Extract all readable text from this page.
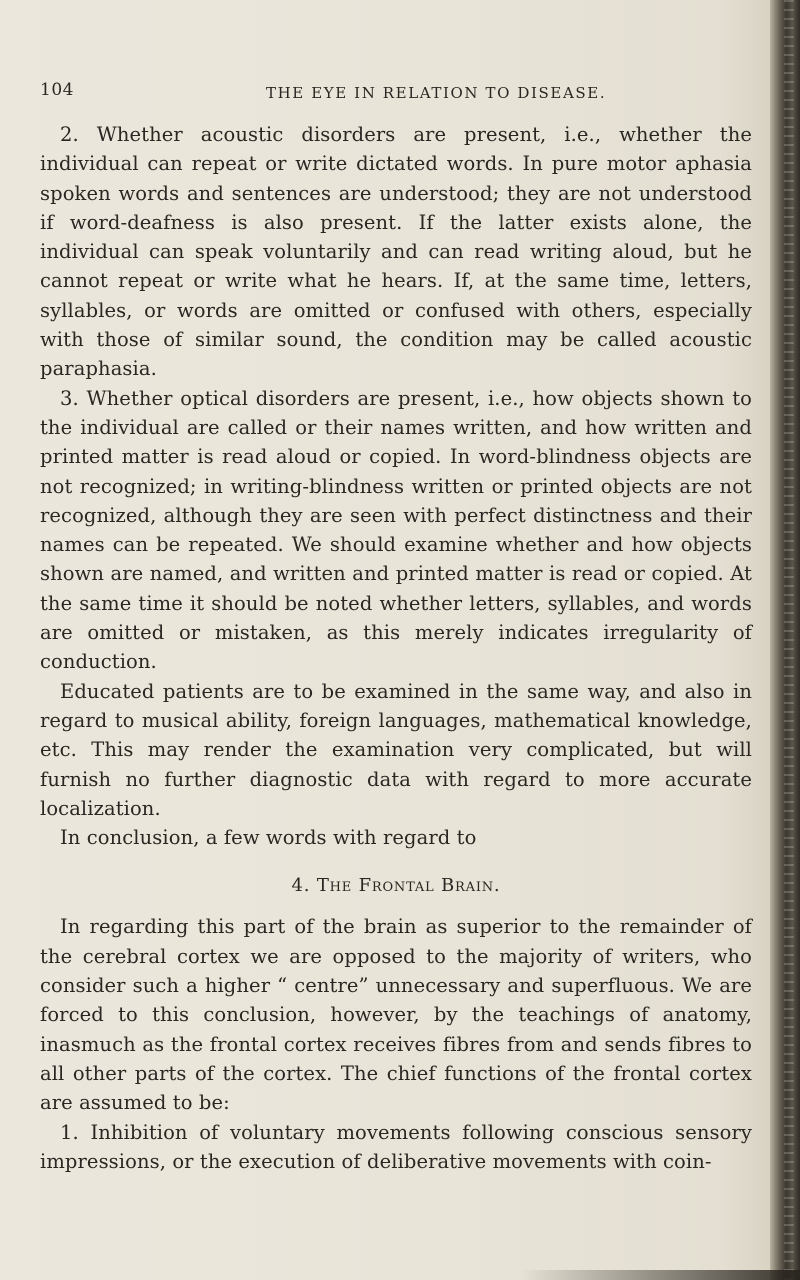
104	THE EYE IN RELATION TO DISEASE.

2. Whether acoustic disorders are present, i.e., whether the individual can repeat or write dictated words. In pure motor aphasia spoken words and sentences are understood; they are not understood if word-deafness is also present. If the latter exists alone, the individual can speak voluntarily and can read writing aloud, but he cannot repeat or write what he hears. If, at the same time, letters, syllables, or words are omitted or confused with others, especially with those of similar sound, the condition may be called acoustic paraphasia.

3. Whether optical disorders are present, i.e., how objects shown to the individual are called or their names written, and how written and printed matter is read aloud or copied. In word-blindness objects are not recognized; in writing-blindness written or printed objects are not recognized, although they are seen with perfect distinctness and their names can be repeated. We should examine whether and how objects shown are named, and written and printed matter is read or copied. At the same time it should be noted whether letters, syllables, and words are omitted or mistaken, as this merely indicates irregularity of conduction.

Educated patients are to be examined in the same way, and also in regard to musical ability, foreign languages, mathematical knowledge, etc. This may render the examination very complicated, but will furnish no further diagnostic data with regard to more accurate localization.

In conclusion, a few words with regard to

4. The Frontal Brain.

In regarding this part of the brain as superior to the remainder of the cerebral cortex we are opposed to the majority of writers, who consider such a higher “ centre” unnecessary and superfluous. We are forced to this conclusion, however, by the teachings of anatomy, inasmuch as the frontal cortex receives fibres from and sends fibres to all other parts of the cortex. The chief functions of the frontal cortex are assumed to be:

1. Inhibition of voluntary movements following conscious sensory impressions, or the execution of deliberative movements with coin-
